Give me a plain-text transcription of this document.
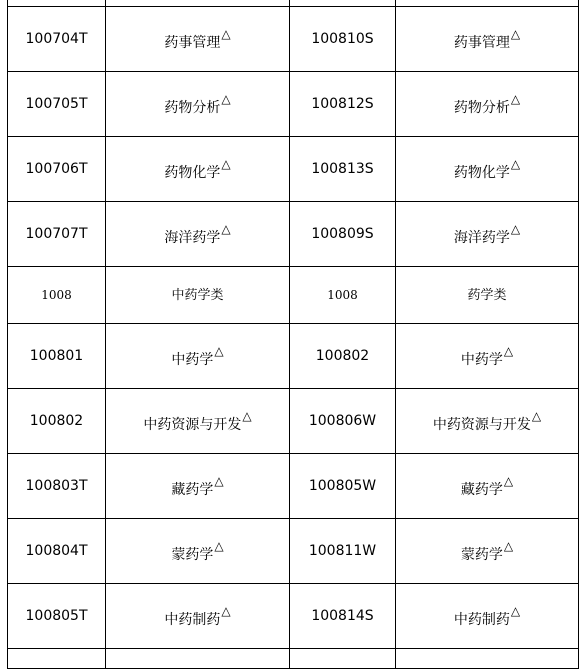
100704T	药事管理△	100810S	药事管理△
100705T	药物分析△	100812S	药物分析△
100706T	药物化学△	100813S	药物化学△
100707T	海洋药学△	100809S	海洋药学△
1008	中药学类	1008	药学类
100801	中药学△	100802	中药学△
100802	中药资源与开发△	100806W	中药资源与开发△
100803T	藏药学△	100805W	藏药学△
100804T	蒙药学△	100811W	蒙药学△
100805T	中药制药△	100814S	中药制药△
